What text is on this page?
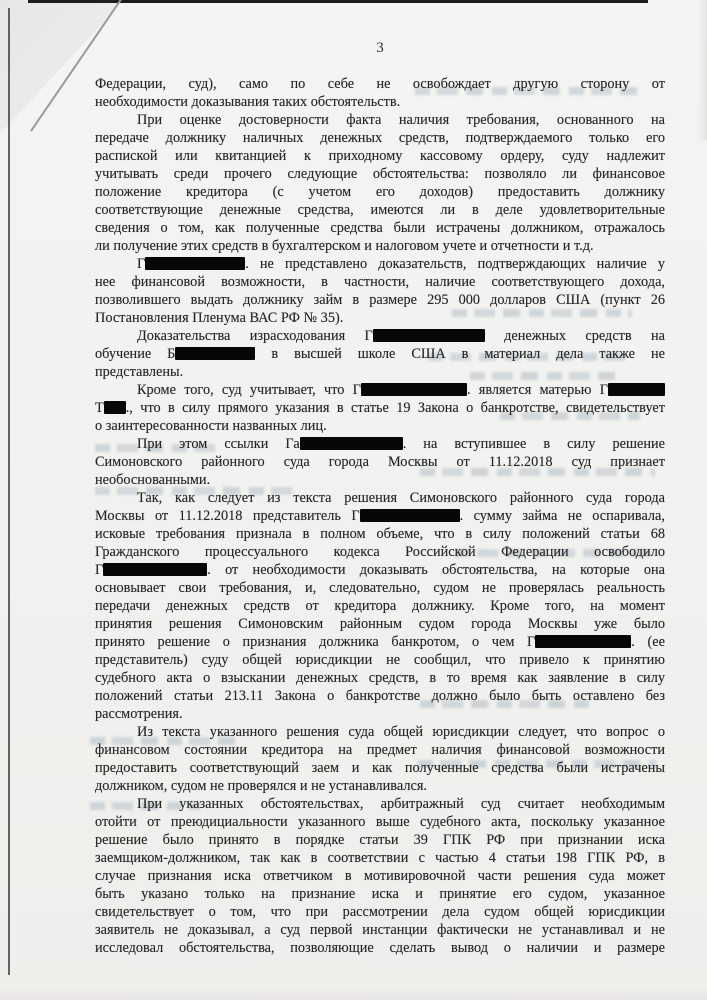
3
Федерации, суд), само по себе не освобождает другую сторону от
необходимости доказывания таких обстоятельств.
При оценке достоверности факта наличия требования, основанного на
передаче должнику наличных денежных средств, подтверждаемого только его
распиской или квитанцией к приходному кассовому ордеру, суду надлежит
учитывать среди прочего следующие обстоятельства: позволяло ли финансовое
положение кредитора (с учетом его доходов) предоставить должнику
соответствующие денежные средства, имеются ли в деле удовлетворительные
сведения о том, как полученные средства были истрачены должником, отражалось
ли получение этих средств в бухгалтерском и налоговом учете и отчетности и т.д.
Г	. не представлено доказательств, подтверждающих наличие у
нее финансовой возможности, в частности, наличие соответствующего дохода,
позволившего выдать должнику займ в размере 295 000 долларов США (пункт 26
Постановления Пленума ВАС РФ № 35).
Доказательства израсходования Г	денежных средств на
обучение Б	в высшей школе США в материал дела также не
представлены.
Кроме того, суд учитывает, что Г	. является матерью Г
Т ., что в силу прямого указания в статье 19 Закона о банкротстве, свидетельствует
о заинтересованности названных лиц.
При этом ссылки Га	. на вступившее в силу решение
Симоновского районного суда города Москвы от 11.12.2018 суд признает
необоснованными.
Так, как следует из текста решения Симоновского районного суда города
Москвы от 11.12.2018 представитель Г	. сумму займа не оспаривала,
исковые требования признала в полном объеме, что в силу положений статьи 68
Гражданского процессуального кодекса Российской Федерации освободило
Г	. от необходимости доказывать обстоятельства, на которые она
основывает свои требования, и, следовательно, судом не проверялась реальность
передачи денежных средств от кредитора должнику. Кроме того, на момент
принятия решения Симоновским районным судом города Москвы уже было
принято решение о признания должника банкротом, о чем Г	. (ее
представитель) суду общей юрисдикции не сообщил, что привело к принятию
судебного акта о взыскании денежных средств, в то время как заявление в силу
положений статьи 213.11 Закона о банкротстве должно было быть оставлено без
рассмотрения.
Из текста указанного решения суда общей юрисдикции следует, что вопрос о
финансовом состоянии кредитора на предмет наличия финансовой возможности
предоставить соответствующий заем и как полученные средства были истрачены
должником, судом не проверялся и не устанавливался.
При указанных обстоятельствах, арбитражный суд считает необходимым
отойти от преюдициальности указанного выше судебного акта, поскольку указанное
решение было принято в порядке статьи 39 ГПК РФ при признании иска
заемщиком-должником, так как в соответствии с частью 4 статьи 198 ГПК РФ, в
случае признания иска ответчиком в мотивировочной части решения суда может
быть указано только на признание иска и принятие его судом, указанное
свидетельствует о том, что при рассмотрении дела судом общей юрисдикции
заявитель не доказывал, а суд первой инстанции фактически не устанавливал и не
исследовал обстоятельства, позволяющие сделать вывод о наличии и размере
